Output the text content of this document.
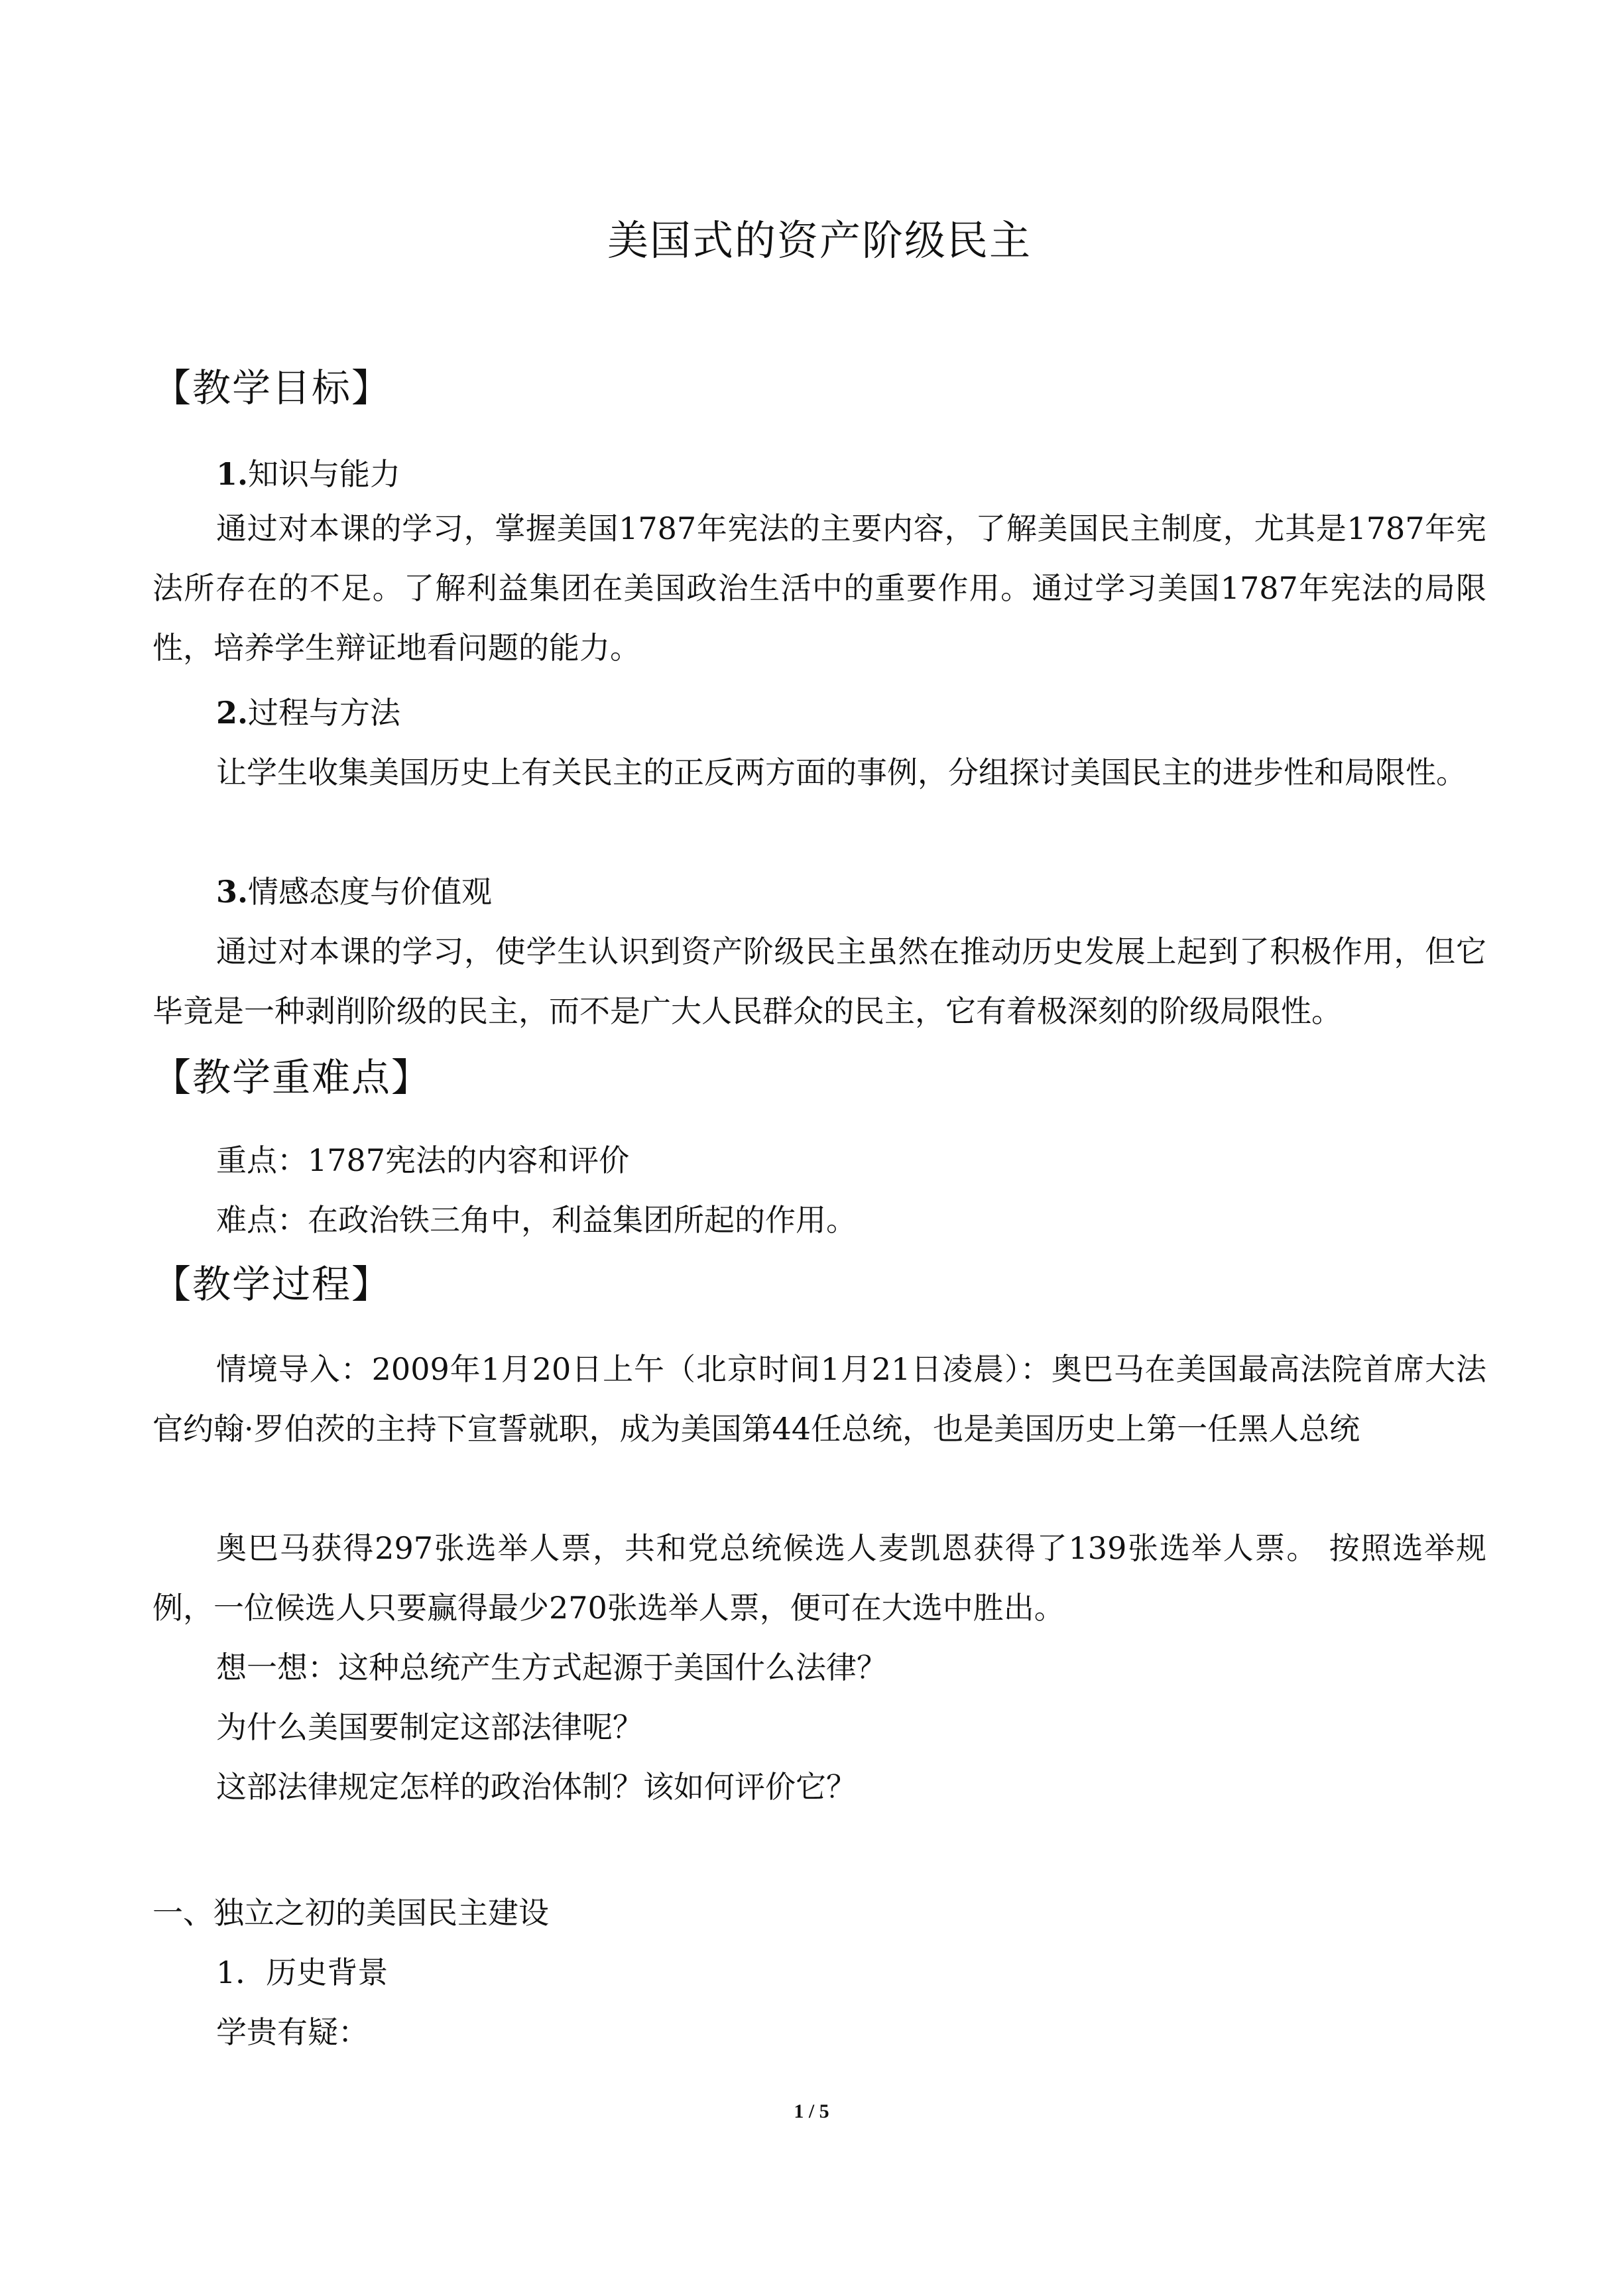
美国式的资产阶级民主
【教学目标】
1.知识与能力
通过对本课的学习，掌握美国1787年宪法的主要内容，了解美国民主制度，尤其是1787年宪法所存在的不足。了解利益集团在美国政治生活中的重要作用。通过学习美国1787年宪法的局限性，培养学生辩证地看问题的能力。
2.过程与方法
让学生收集美国历史上有关民主的正反两方面的事例，分组探讨美国民主的进步性和局限性。
3.情感态度与价值观
通过对本课的学习，使学生认识到资产阶级民主虽然在推动历史发展上起到了积极作用，但它毕竟是一种剥削阶级的民主，而不是广大人民群众的民主，它有着极深刻的阶级局限性。
【教学重难点】
重点：1787宪法的内容和评价
难点：在政治铁三角中，利益集团所起的作用。
【教学过程】
情境导入：2009年1月20日上午（北京时间1月21日凌晨）：奥巴马在美国最高法院首席大法官约翰·罗伯茨的主持下宣誓就职，成为美国第44任总统，也是美国历史上第一任黑人总统
奥巴马获得297张选举人票，共和党总统候选人麦凯恩获得了139张选举人票。 按照选举规例，一位候选人只要赢得最少270张选举人票，便可在大选中胜出。
想一想：这种总统产生方式起源于美国什么法律？
为什么美国要制定这部法律呢？
这部法律规定怎样的政治体制？该如何评价它？
一、独立之初的美国民主建设
1．历史背景
学贵有疑：
1 / 5
